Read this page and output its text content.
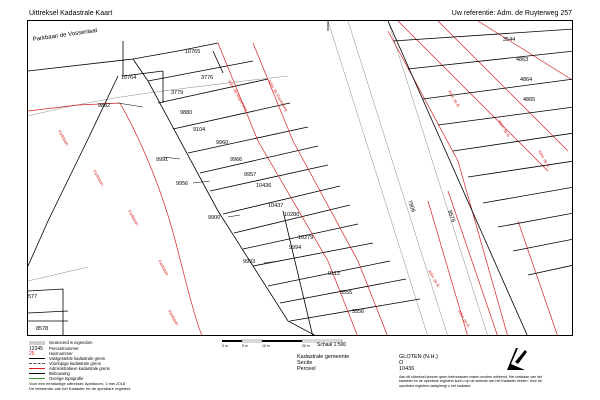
Uittreksel Kadastrale Kaart	Uw referentie: Adm. de Ruyterweg 257
Parkbaan de Vossenlaat
10765
10764	3776
3779
9882
9880
9104
9960
9991
9956
9966
9957
10436
10437
10280
9900
10279
9994
9993
9113
5555
3556
3544
4863
4864
4865
577
8578
7806
8576
Adm. de Ruyterweg	Adm. de Ruyterweg
Parkbaan
Parkbaan
Parkbaan
Parkbaan
Parkbaan
Adm. de R.
Adm. de R.
Adm. de R.
Adm. de R.
Adm. de R.
0 m	5 m	10 m	20 m Schaal 1:500
Gearceerd is eigendom
12345 Perceelnummer
25	Huisnummer
Vastgestelde kadastrale grens
Voorlopige kadastrale grens
Administratieve kadastrale grens
Bebouwing
Overige topografie
Voor een eenduidige uittreksel: Apeldoorn, 1 mei 2018
De beheerder van het Kadaster en de openbare registers
Kadastrale gemeente	GLOTEN (N.H.)
Sectie	O
Perceel	10436
Aan dit uittreksel kunnen geen betrouwbare maten worden ontleend. Het ontstaan van het kadaster en de openbare registers kunt u op de website van het Kadaster vinden. Voor de openbare registers raadpleegt u het kadaster.
